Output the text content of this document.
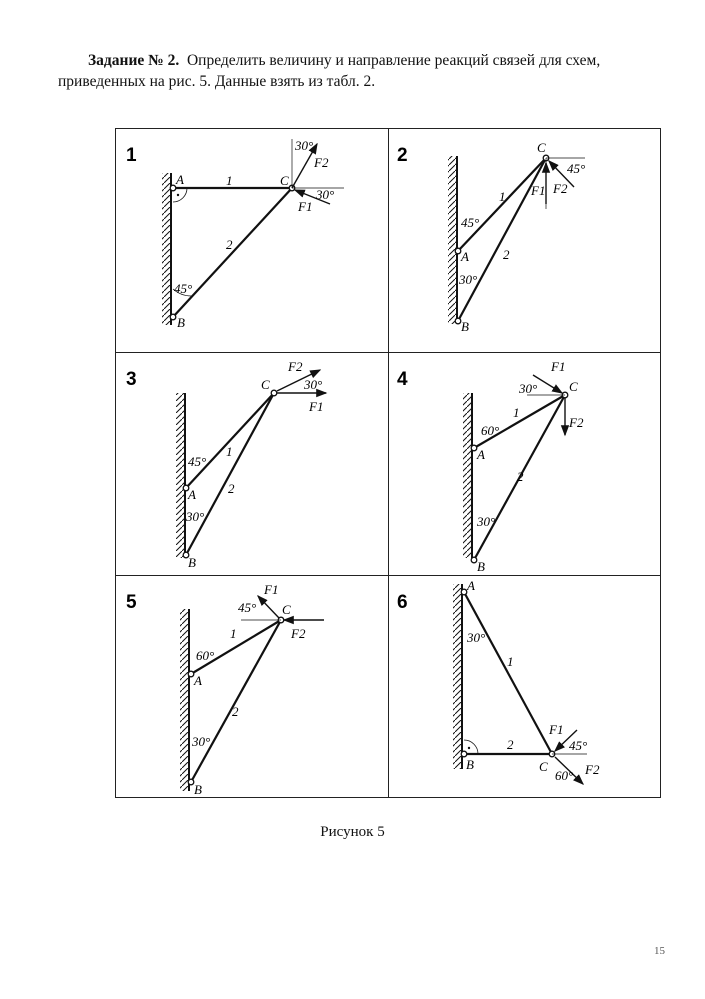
Задание № 2. Определить величину и направление реакций связей для схем,
приведенных на рис. 5. Данные взять из табл. 2.
1
A
B
C
1
2
30°
30°
45°
F2
F1
2
A
B
C
1
2
45°
45°
30°
F1 F2
3
A
B
C
1
2
30°
45°
30°
F1
F2
4
A
B
C
1
2
30°
60°
30°
F1
F2
5
A
B
C
1
2
45°
60°
30°
F1
F2
6
A
B	C
1
2
30°
45°
60°
F1
F2
Рисунок 5
15
